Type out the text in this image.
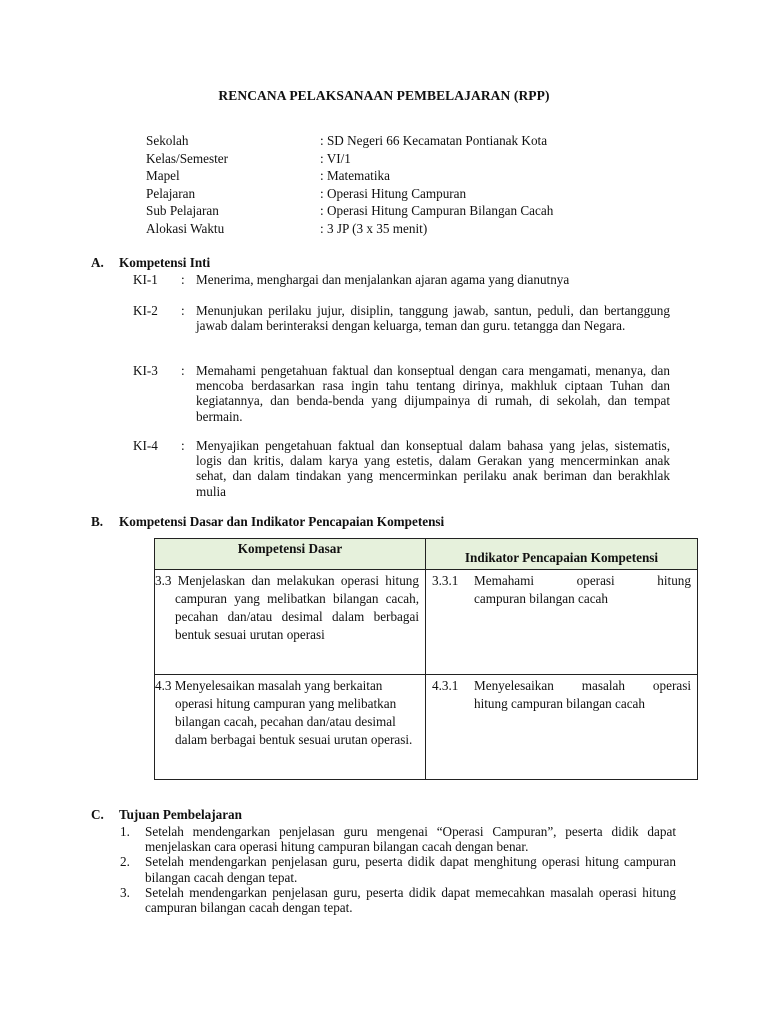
RENCANA PELAKSANAAN PEMBELAJARAN (RPP)
Sekolah	: SD Negeri 66 Kecamatan Pontianak Kota
Kelas/Semester	: VI/1
Mapel	: Matematika
Pelajaran	: Operasi Hitung Campuran
Sub Pelajaran	: Operasi Hitung Campuran Bilangan Cacah
Alokasi Waktu	: 3 JP (3 x 35 menit)
A. Kompetensi Inti
KI-1 : Menerima, menghargai dan menjalankan ajaran agama yang dianutnya
KI-2 : Menunjukan perilaku jujur, disiplin, tanggung jawab, santun, peduli, dan bertanggung jawab dalam berinteraksi dengan keluarga, teman dan guru. tetangga dan Negara.
KI-3 : Memahami pengetahuan faktual dan konseptual dengan cara mengamati, menanya, dan mencoba berdasarkan rasa ingin tahu tentang dirinya, makhluk ciptaan Tuhan dan kegiatannya, dan benda-benda yang dijumpainya di rumah, di sekolah, dan tempat bermain.
KI-4 : Menyajikan pengetahuan faktual dan konseptual dalam bahasa yang jelas, sistematis, logis dan kritis, dalam karya yang estetis, dalam Gerakan yang mencerminkan anak sehat, dan dalam tindakan yang mencerminkan perilaku anak beriman dan berakhlak mulia
B. Kompetensi Dasar dan Indikator Pencapaian Kompetensi
Kompetensi Dasar	Indikator Pencapaian Kompetensi

3.3 Menjelaskan dan melakukan operasi hitung campuran yang melibatkan bilangan cacah, pecahan dan/atau desimal dalam berbagai bentuk sesuai urutan operasi	3.3.1 Memahami operasi hitung
campuran bilangan cacah

4.3 Menyelesaikan masalah yang berkaitan operasi hitung campuran yang melibatkan bilangan cacah, pecahan dan/atau desimal dalam berbagai bentuk sesuai urutan operasi.	4.3.1 Menyelesaikan masalah operasi
hitung campuran bilangan cacah
C. Tujuan Pembelajaran
1. Setelah mendengarkan penjelasan guru mengenai “Operasi Campuran”, peserta didik dapat menjelaskan cara operasi hitung campuran bilangan cacah dengan benar.
2. Setelah mendengarkan penjelasan guru, peserta didik dapat menghitung operasi hitung campuran bilangan cacah dengan tepat.
3. Setelah mendengarkan penjelasan guru, peserta didik dapat memecahkan masalah operasi hitung campuran bilangan cacah dengan tepat.
